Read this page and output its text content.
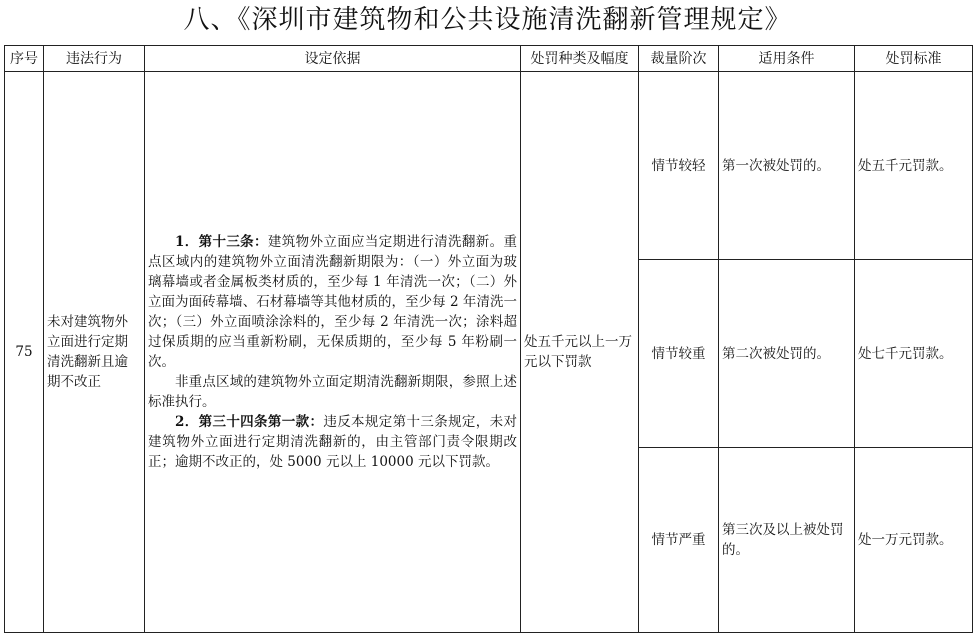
八、《深圳市建筑物和公共设施清洗翻新管理规定》
序号	违法行为	设定依据	处罚种类及幅度	裁量阶次	适用条件	处罚标准
75	未对建筑物外立面进行定期清洗翻新且逾期不改正	1．第十三条：建筑物外立面应当定期进行清洗翻新。重点区域内的建筑物外立面清洗翻新期限为：（一）外立面为玻璃幕墙或者金属板类材质的，至少每 1 年清洗一次；（二）外立面为面砖幕墙、石材幕墙等其他材质的，至少每 2 年清洗一次；（三）外立面喷涂涂料的，至少每 2 年清洗一次；涂料超过保质期的应当重新粉刷，无保质期的，至少每 5 年粉刷一次。

非重点区域的建筑物外立面定期清洗翻新期限，参照上述标准执行。

2．第三十四条第一款：违反本规定第十三条规定，未对建筑物外立面进行定期清洗翻新的，由主管部门责令限期改正；逾期不改正的，处 5000 元以上 10000 元以下罚款。	处五千元以上一万元以下罚款	情节较轻	第一次被处罚的。	处五千元罚款。
				情节较重	第二次被处罚的。	处七千元罚款。
				情节严重	第三次及以上被处罚的。	处一万元罚款。
